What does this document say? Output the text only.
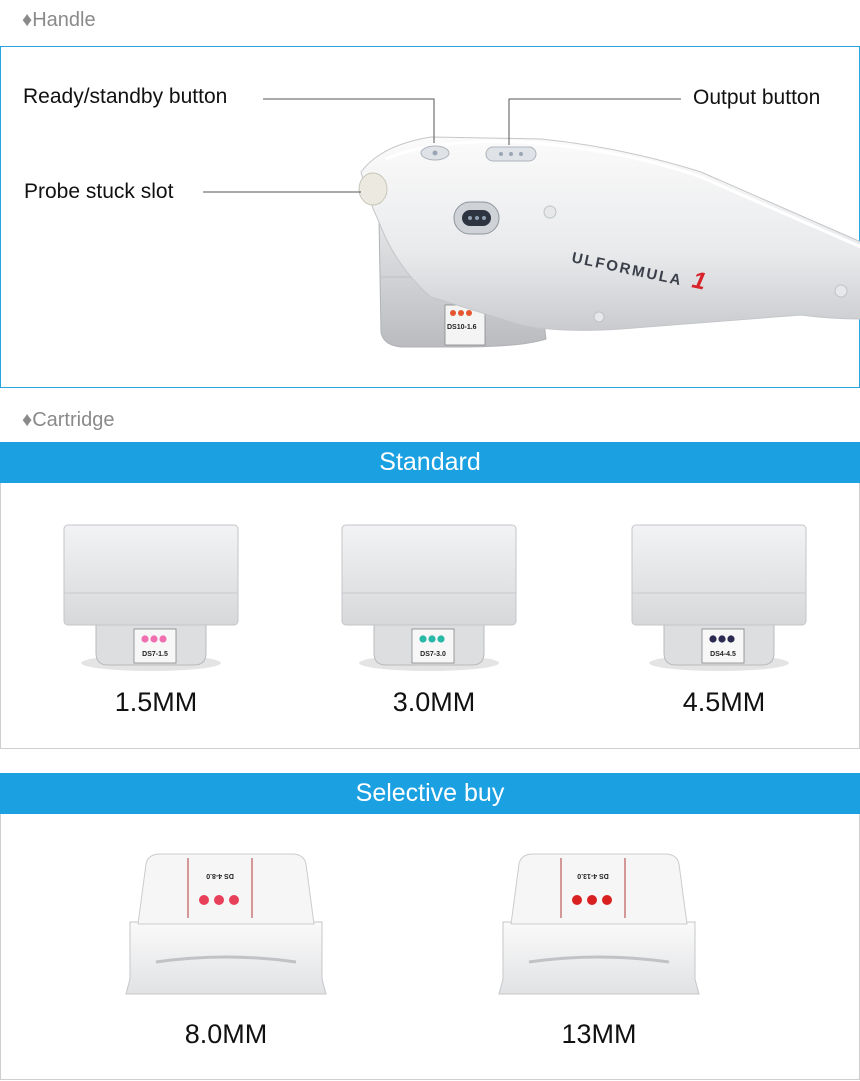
♦Handle
DS10-1.6
ULFORMULA 1
Ready/standby button	Output button
Probe stuck slot
♦Cartridge
Standard
DS7-1.5
1.5MM
DS7-3.0
3.0MM
DS4-4.5
4.5MM
Selective buy
DS 4-8.0
8.0MM
DS 4-13.0
13MM
